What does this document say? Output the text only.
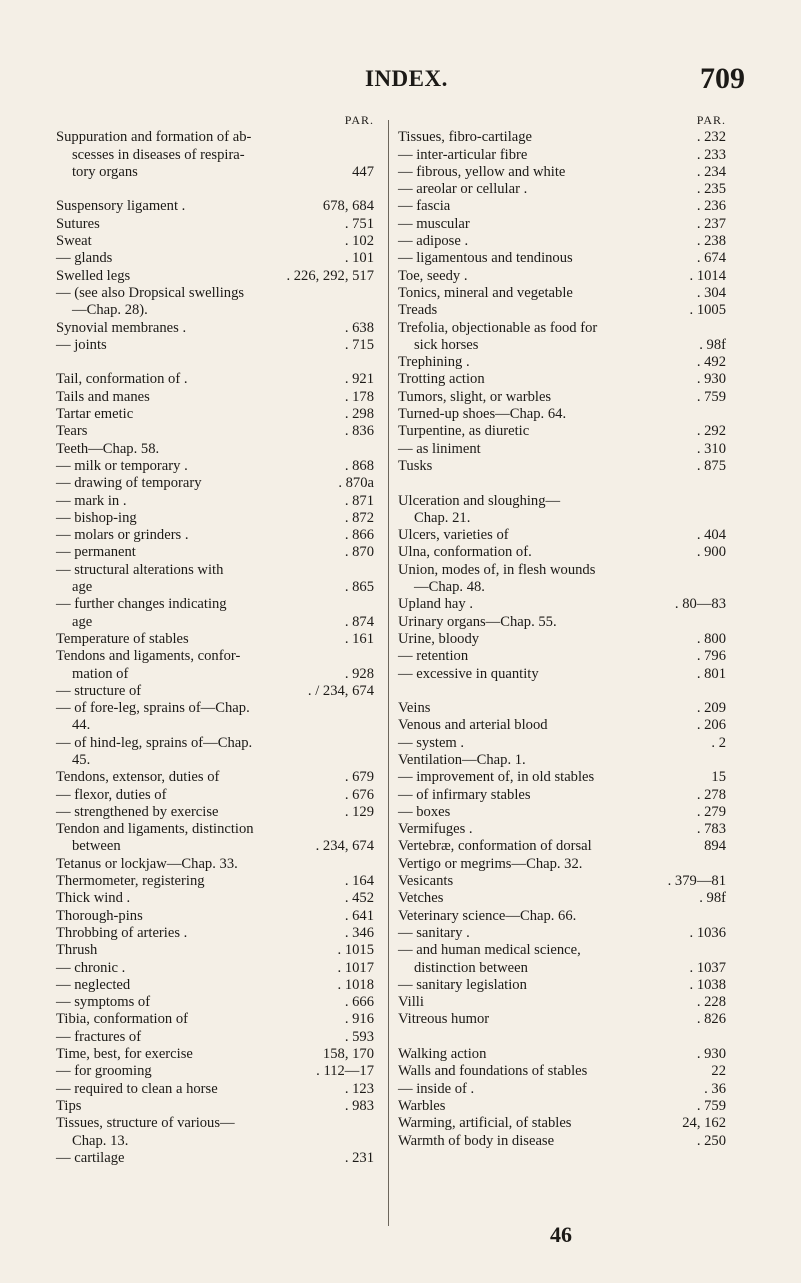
INDEX.	709
PAR.
Suppuration and formation of ab-
scesses in diseases of respira-
tory organs	447
Suspensory ligament .	678, 684
Sutures	. 751
Sweat	. 102
— glands	. 101
Swelled legs	. 226, 292, 517
— (see also Dropsical swellings
—Chap. 28).
Synovial membranes .	. 638
— joints	. 715
Tail, conformation of .	. 921
Tails and manes	. 178
Tartar emetic	. 298
Tears	. 836
Teeth—Chap. 58.
— milk or temporary .	. 868
— drawing of temporary	. 870a
— mark in .	. 871
— bishop-ing	. 872
— molars or grinders .	. 866
— permanent	. 870
— structural alterations with
age	. 865
— further changes indicating
age	. 874
Temperature of stables	. 161
Tendons and ligaments, confor-
mation of	. 928
— structure of	. / 234, 674
— of fore-leg, sprains of—Chap.
44.
— of hind-leg, sprains of—Chap.
45.
Tendons, extensor, duties of	. 679
— flexor, duties of	. 676
— strengthened by exercise	. 129
Tendon and ligaments, distinction
between	. 234, 674
Tetanus or lockjaw—Chap. 33.
Thermometer, registering	. 164
Thick wind .	. 452
Thorough-pins	. 641
Throbbing of arteries .	. 346
Thrush	. 1015
— chronic .	. 1017
— neglected	. 1018
— symptoms of	. 666
Tibia, conformation of	. 916
— fractures of	. 593
Time, best, for exercise	158, 170
— for grooming	. 112—17
— required to clean a horse	. 123
Tips	. 983
Tissues, structure of various—
Chap. 13.
— cartilage	. 231
PAR.
Tissues, fibro-cartilage	. 232
— inter-articular fibre	. 233
— fibrous, yellow and white	. 234
— areolar or cellular .	. 235
— fascia	. 236
— muscular	. 237
— adipose .	. 238
— ligamentous and tendinous	. 674
Toe, seedy .	. 1014
Tonics, mineral and vegetable	. 304
Treads	. 1005
Trefolia, objectionable as food for
sick horses	. 98f
Trephining .	. 492
Trotting action	. 930
Tumors, slight, or warbles	. 759
Turned-up shoes—Chap. 64.
Turpentine, as diuretic	. 292
— as liniment	. 310
Tusks	. 875
Ulceration and sloughing—
Chap. 21.
Ulcers, varieties of	. 404
Ulna, conformation of.	. 900
Union, modes of, in flesh wounds
—Chap. 48.
Upland hay .	. 80—83
Urinary organs—Chap. 55.
Urine, bloody	. 800
— retention	. 796
— excessive in quantity	. 801
Veins	. 209
Venous and arterial blood	. 206
— system .	. 2
Ventilation—Chap. 1.
— improvement of, in old stables	15
— of infirmary stables	. 278
— boxes	. 279
Vermifuges .	. 783
Vertebræ, conformation of dorsal	894
Vertigo or megrims—Chap. 32.
Vesicants	. 379—81
Vetches	. 98f
Veterinary science—Chap. 66.
— sanitary .	. 1036
— and human medical science,
distinction between	. 1037
— sanitary legislation	. 1038
Villi	. 228
Vitreous humor	. 826
Walking action	. 930
Walls and foundations of stables	22
— inside of .	. 36
Warbles	. 759
Warming, artificial, of stables	24, 162
Warmth of body in disease	. 250
46
